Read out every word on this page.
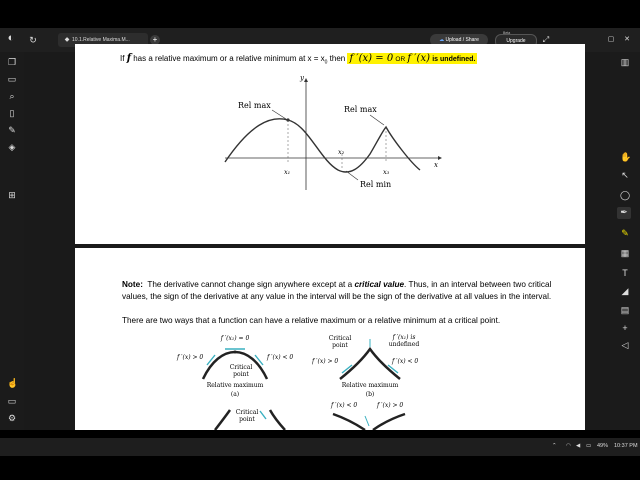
◐ ↻	10.1.Relative Maxima.M...
◆	+	☁ Upload / Share	Upgrade
Beta
⤢	▢ ✕
❐
▭
⌕
▯
✎
◈
⊞
☝
▭
⚙
▥
✋
↖
◯
✒
✎
▦
T
◢
▤
+
◁
If f has a relative maximum or a relative minimum at $x = x_0$ then f ′(x) = 0 OR f ′(x) is undefined.
y
x
x₁
x₂
x₃
Rel max	Rel max
Rel min
Note: The derivative cannot change sign anywhere except at a critical value. Thus, in an interval between two critical values, the sign of the derivative at any value in the interval will be the sign of the derivative at all values in the interval.
There are two ways that a function can have a relative maximum or a relative minimum at a critical point.
f ′(x₁) = 0
f ′(x) > 0	f ′(x) < 0
Critical
point
Relative maximum
(a)
Critical
point
f ′(x₁) is
undefined
f ′(x) > 0	f ′(x) < 0
Relative maximum
(b)
Critical
point
f ′(x) < 0	f ′(x) > 0
⌃ ◠ ◀ ▭ 49% 10:37 PM
